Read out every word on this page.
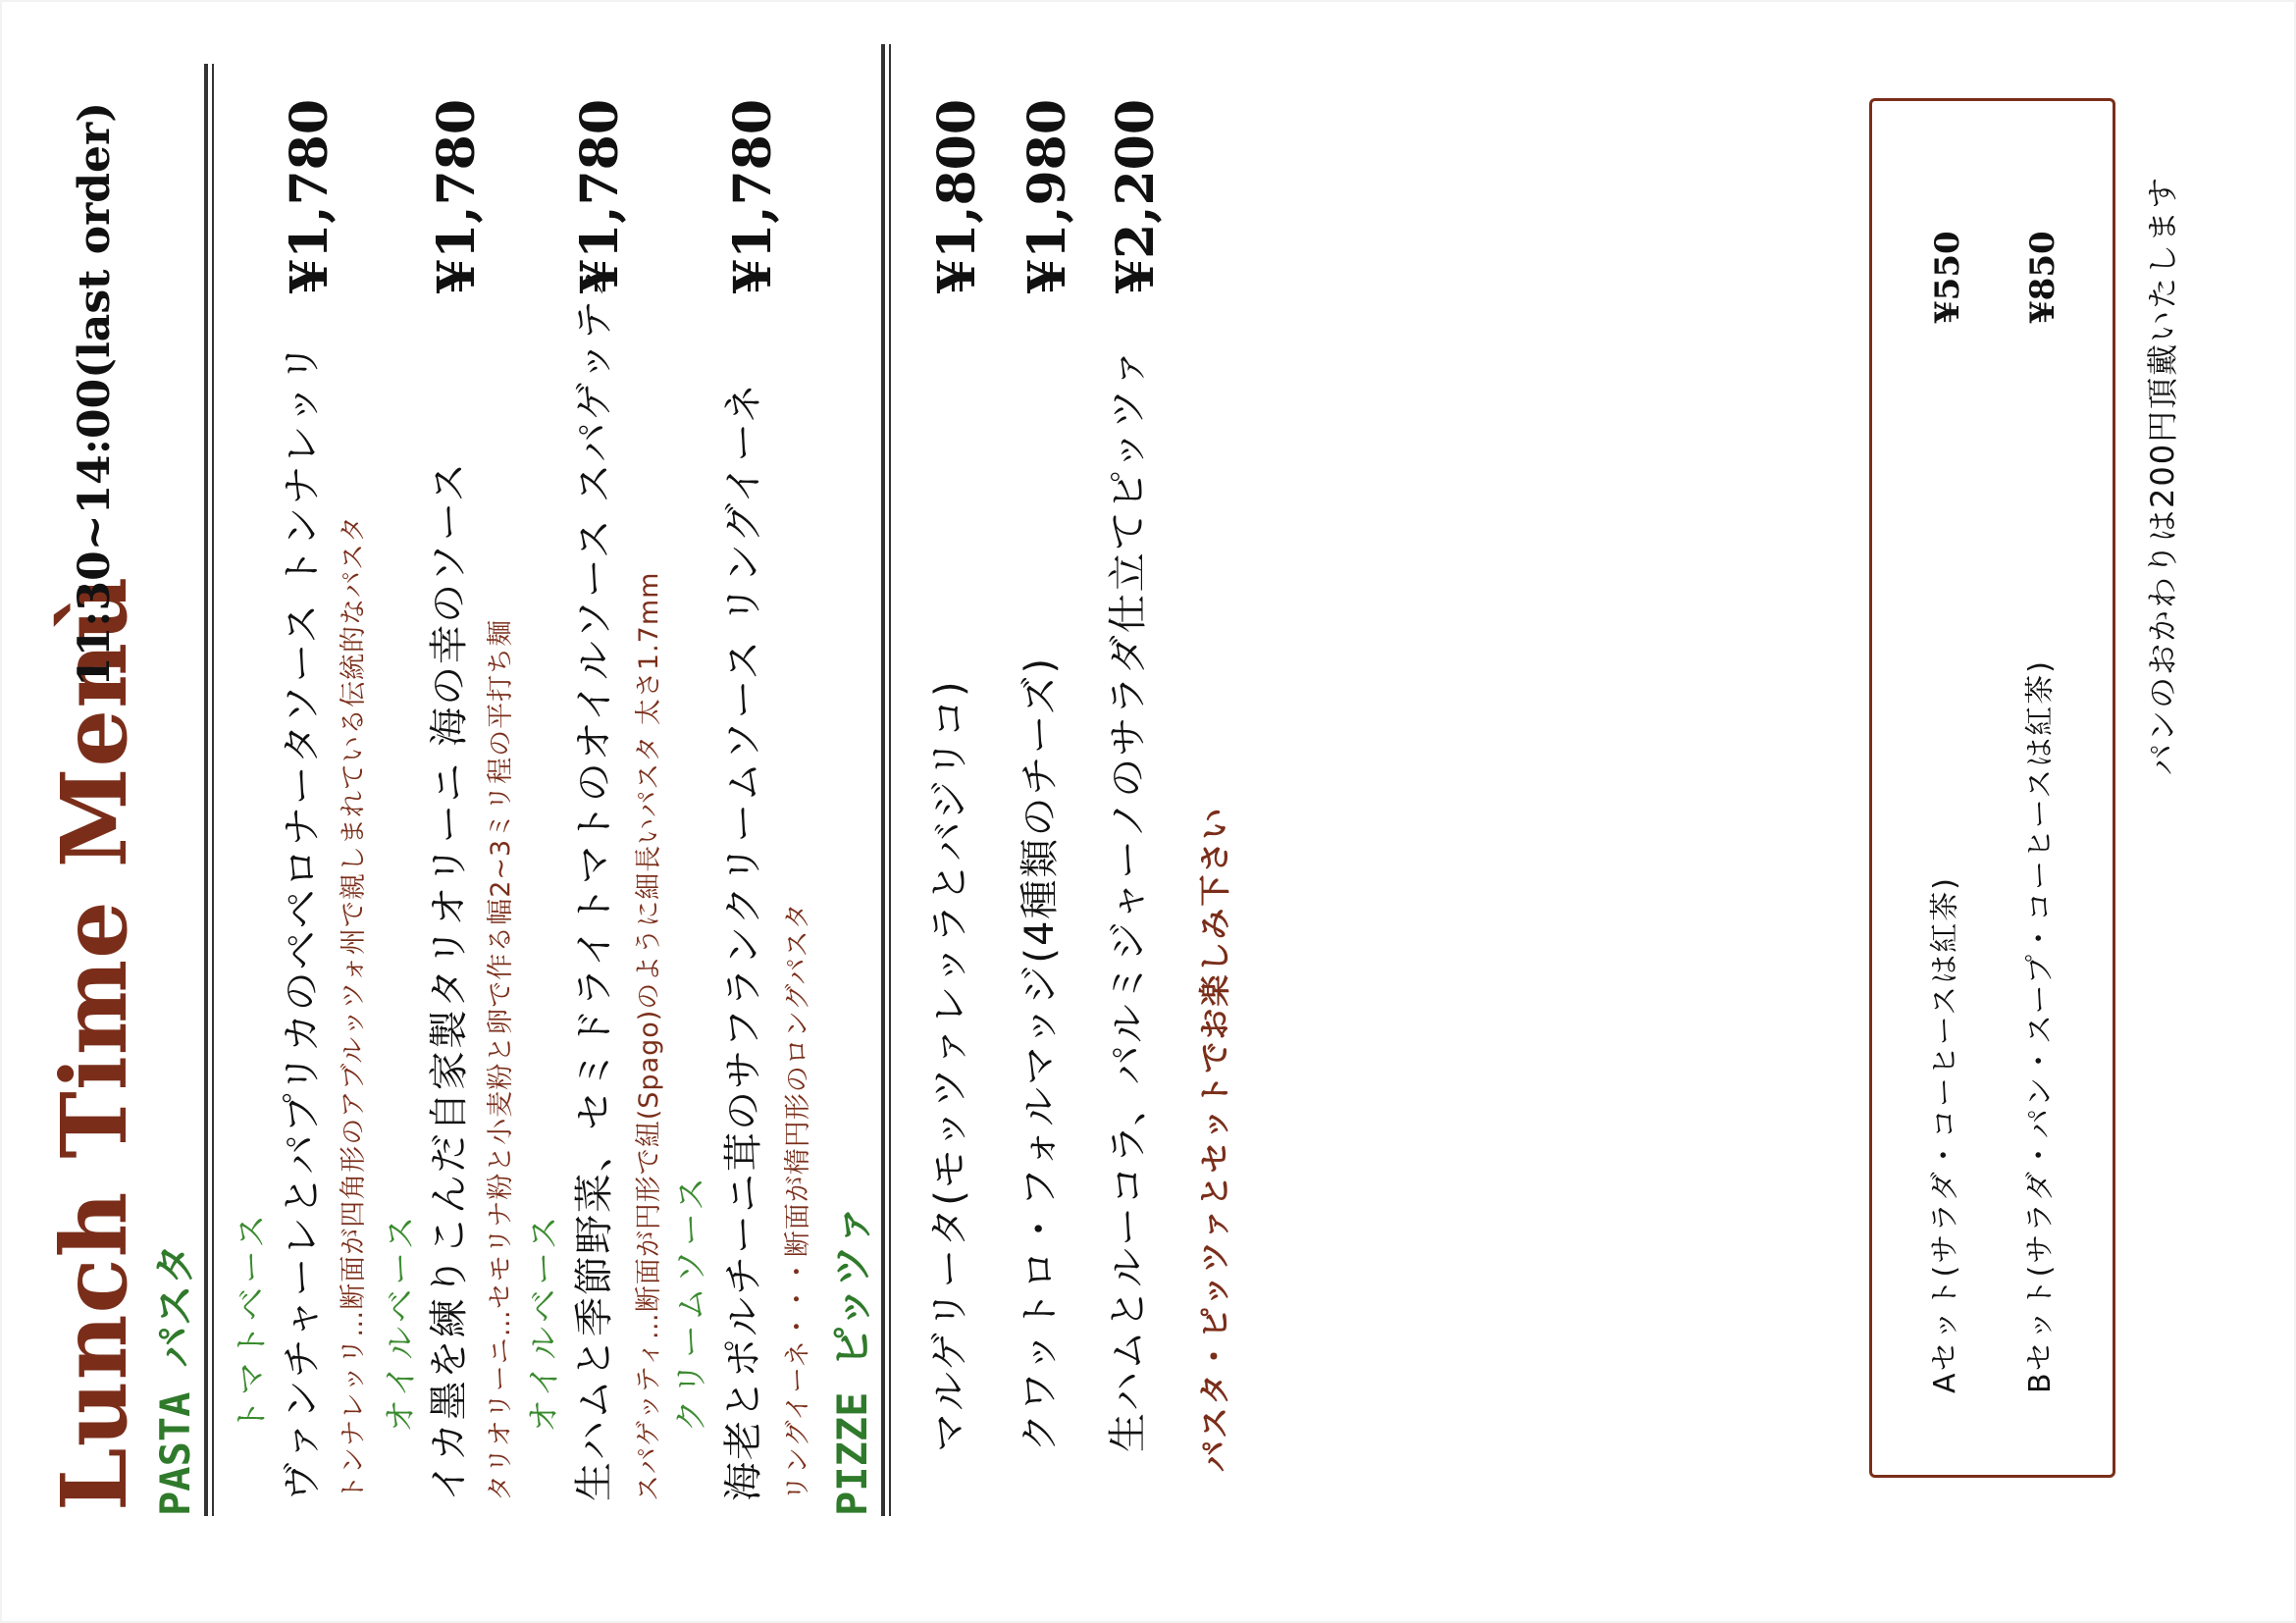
Lunch Time Menù
11:30~14:00(last order)
PASTA パスタ トマトベース ヴァンチャーレとパプリカのペペロナータソース トンナレッリ トンナレッリ…断面が四角形のアブルッツォ州で親しまれている伝統的なパスタ
¥1,780
オイルベース イカ墨を練りこんだ自家製タリオリーニ 海の幸のソース タリオリーニ…セモリナ粉と小麦粉と卵で作る幅2~3ミリ程の平打ち麺
¥1,780
オイルベース 生ハムと季節野菜、セミドライトマトのオイルソース スパゲッティ スパゲッティ…断面が円形で紐(Spago)のように細長いパスタ 太さ1.7mm
¥1,780
クリームソース 海老とポルチーニ茸のサフランクリームソース リングイーネ リングイーネ・・・断面が楕円形のロングパスタ
¥1,780
PIZZE ピッツァ マルゲリータ(モッツァレッラとバジリコ)
¥1,800
クワットロ・フォルマッジ(4種類のチーズ)
¥1,980
生ハムとルーコラ、パルミジャーノのサラダ仕立てピッツァ
¥2,200
パスタ・ピッツァとセットでお楽しみ下さい	Aセット(サラダ・コーヒースは紅茶)
¥550
Bセット(サラダ・パン・スープ・コーヒースは紅茶)
¥850	パンのおかわりは200円頂戴いたします
